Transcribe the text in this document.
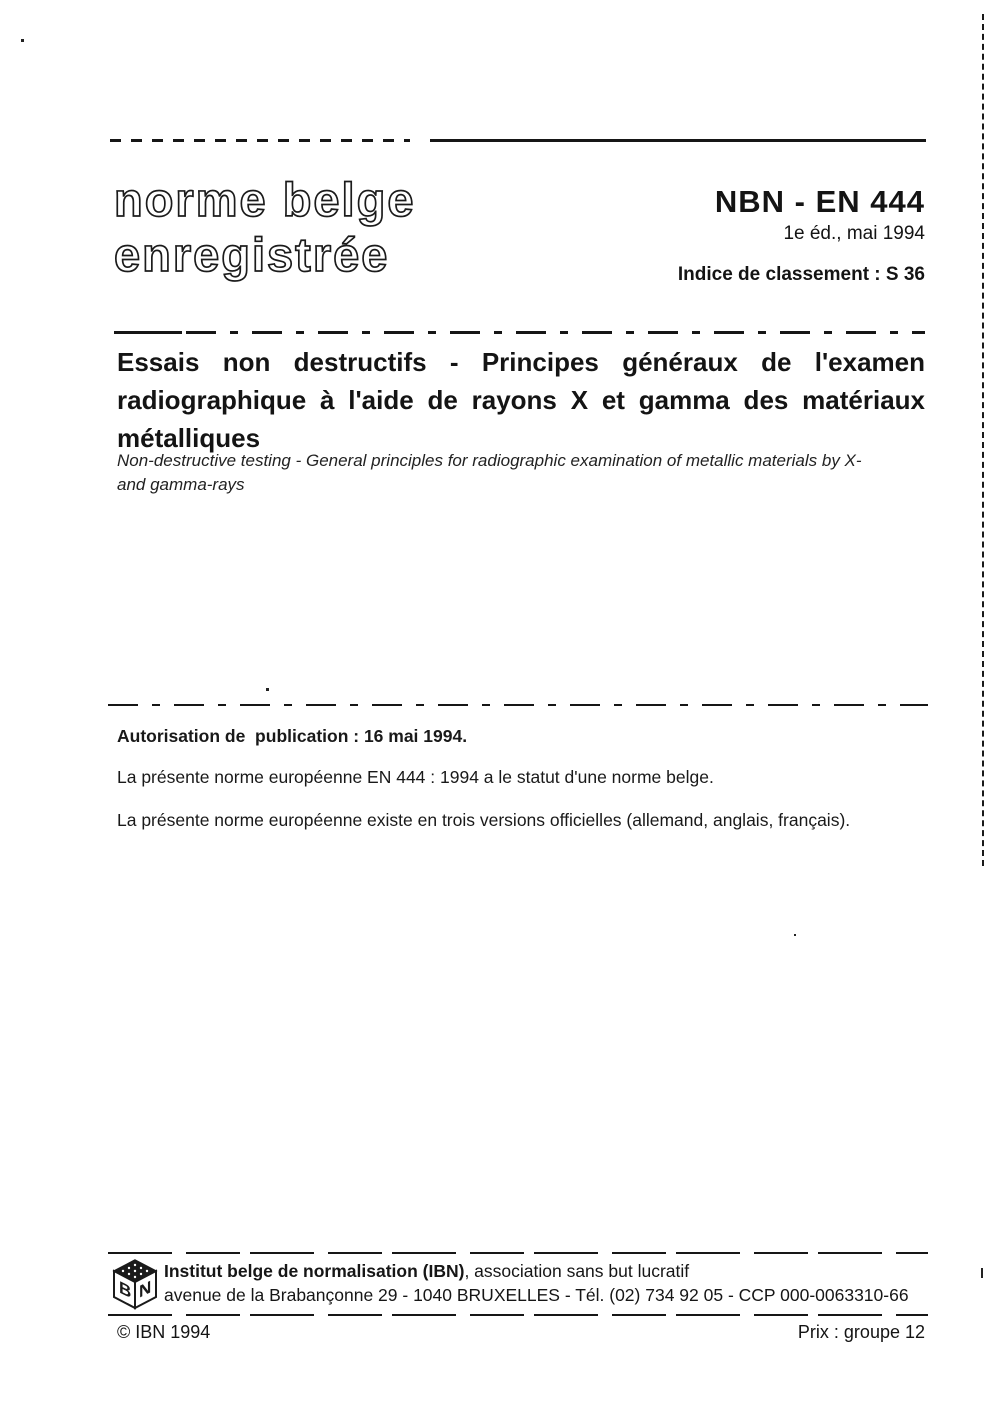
norme belge
enregistrée
NBN - EN 444
1e éd., mai 1994
Indice de classement : S 36
Essais non destructifs - Principes généraux de l'examen
radiographique à l'aide de rayons X et gamma des matériaux
métalliques
Non-destructive testing - General principles for radiographic examination of metallic materials by X-
and gamma-rays
Autorisation de  publication : 16 mai 1994.
La présente norme européenne EN 444 : 1994 a le statut d'une norme belge.
La présente norme européenne existe en trois versions officielles (allemand, anglais, français).
B N
Institut belge de normalisation (IBN), association sans but lucratif
avenue de la Brabançonne 29 - 1040 BRUXELLES - Tél. (02) 734 92 05 - CCP 000-0063310-66
© IBN 1994	Prix : groupe 12
